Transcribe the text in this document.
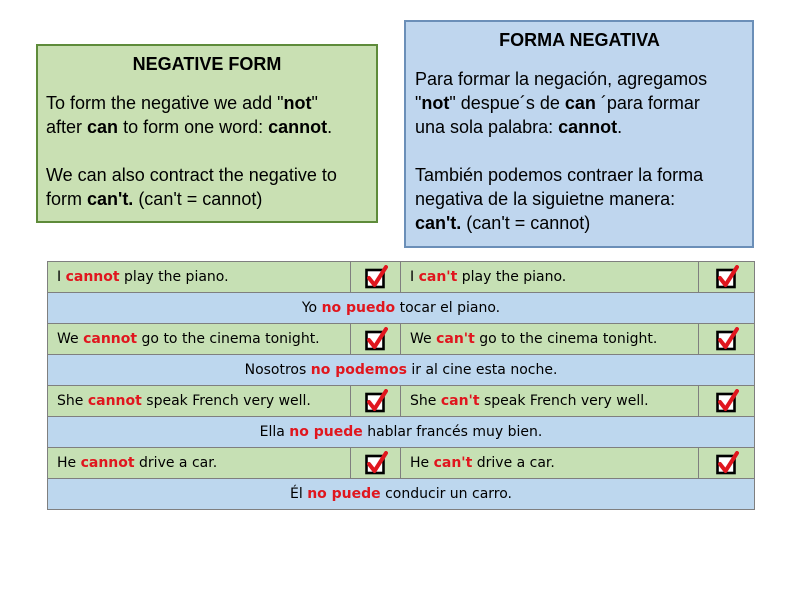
NEGATIVE FORM

To form the negative we add "not"
after can to form one word: cannot.

We can also contract the negative to
form can't. (can't = cannot)

FORMA NEGATIVA

Para formar la negación, agregamos
"not" despue´s de can ´para formar
una sola palabra: cannot.

También podemos contraer la forma
negativa de la siguietne manera:
can't. (can't = cannot)

I cannot play the piano.		I can't play the piano.	
Yo no puedo tocar el piano.			
We cannot go to the cinema tonight.		We can't go to the cinema tonight.	
Nosotros no podemos ir al cine esta noche.			
She cannot speak French very well.		She can't speak French very well.	
Ella no puede hablar francés muy bien.			
He cannot drive a car.		He can't drive a car.	
Él no puede conducir un carro.			
